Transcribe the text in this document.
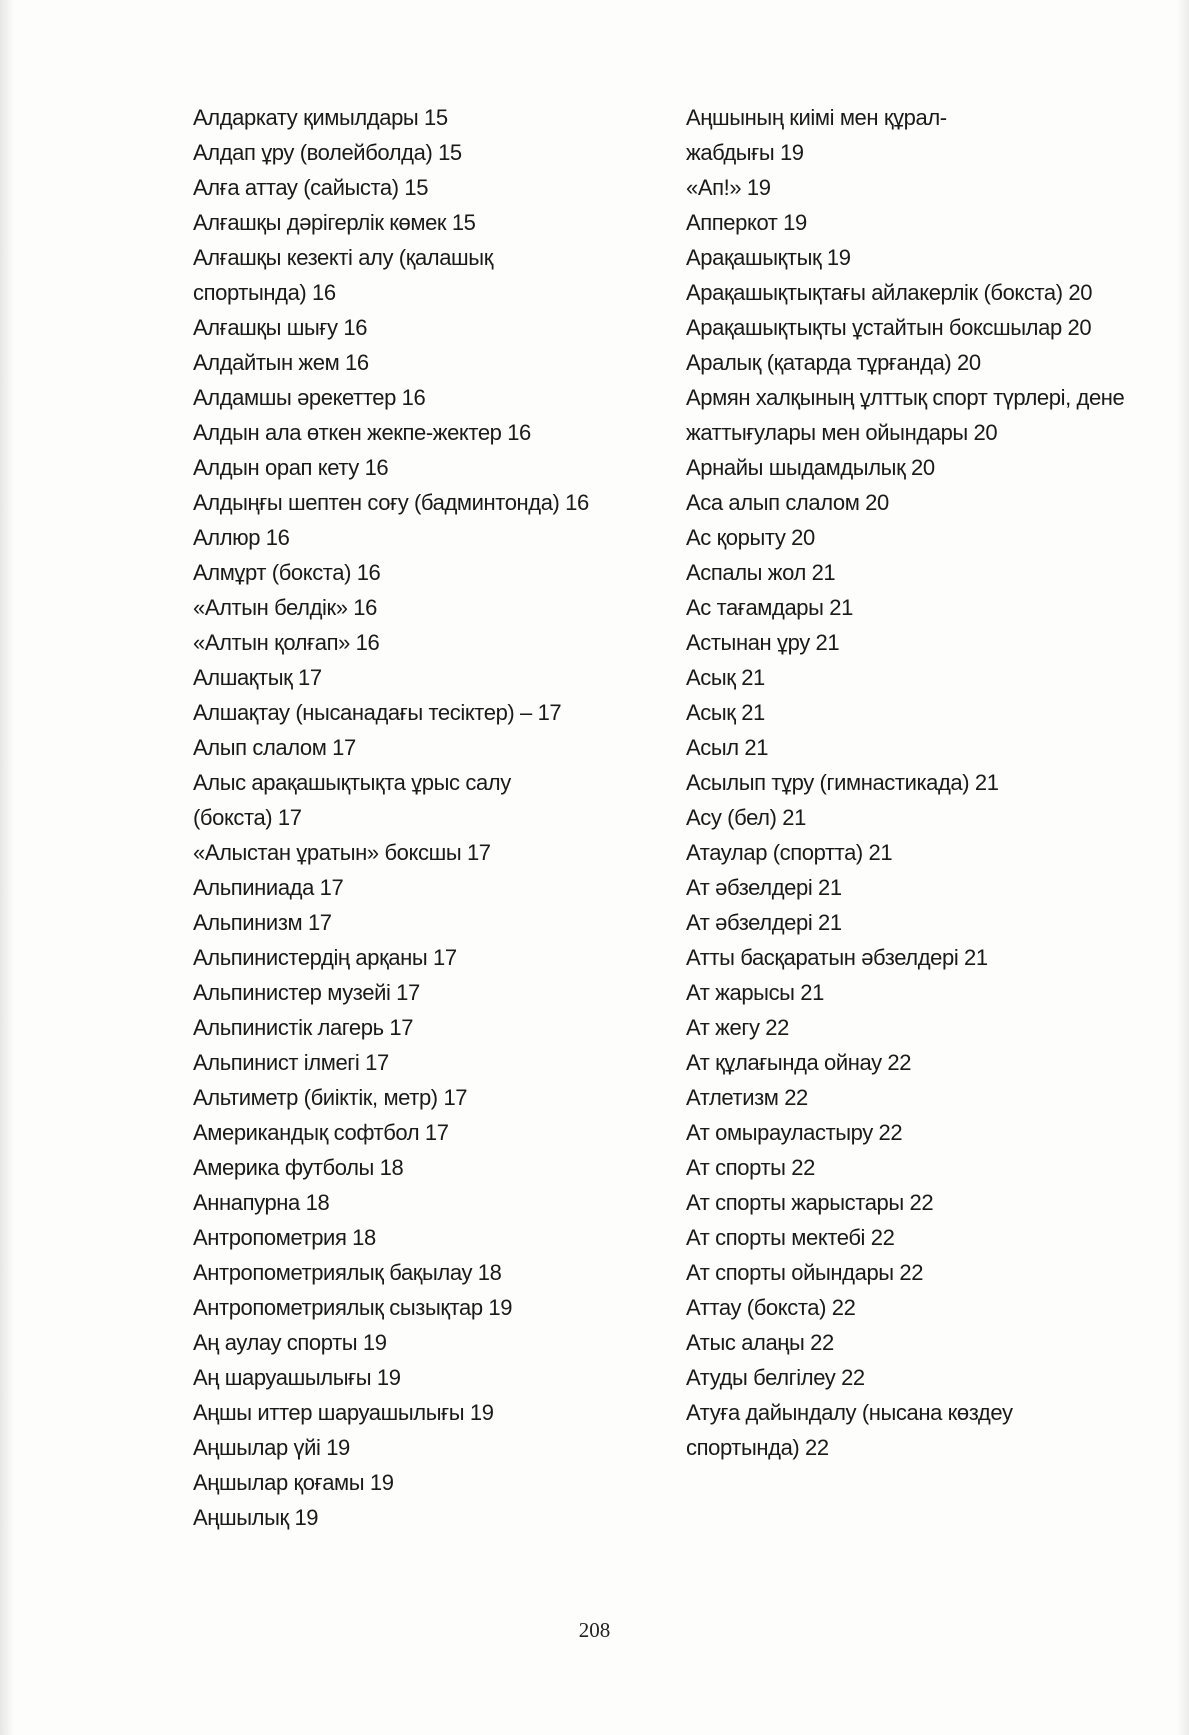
Алдаркату қимылдары 15
Алдап ұру (волейболда) 15
Алға аттау (сайыста) 15
Алғашқы дәрігерлік көмек 15
Алғашқы кезекті алу (қалашық спортында) 16
Алғашқы шығу 16
Алдайтын жем 16
Алдамшы әрекеттер 16
Алдын ала өткен жекпе-жектер 16
Алдын орап кету 16
Алдыңғы шептен соғу (бадминтонда) 16
Аллюр 16
Алмұрт (бокста) 16
«Алтын белдік» 16
«Алтын қолғап» 16
Алшақтық 17
Алшақтау (нысанадағы тесіктер) – 17
Алып слалом 17
Алыс арақашықтықта ұрыс салу (бокста) 17
«Алыстан ұратын» боксшы 17
Альпиниада 17
Альпинизм 17
Альпинистердің арқаны 17
Альпинистер музейі 17
Альпинистік лагерь 17
Альпинист ілмегі 17
Альтиметр (биіктік, метр) 17
Американдық софтбол 17
Америка футболы 18
Аннапурна 18
Антропометрия 18
Антропометриялық бақылау 18
Антропометриялық сызықтар 19
Аң аулау спорты 19
Аң шаруашылығы 19
Аңшы иттер шаруашылығы 19
Аңшылар үйі 19
Аңшылар қоғамы 19
Аңшылық 19
Аңшының киімі мен құрал-жабдығы 19
«Ап!» 19
Апперкот 19
Арақашықтық 19
Арақашықтықтағы айлакерлік (бокста) 20
Арақашықтықты ұстайтын боксшылар 20
Аралық (қатарда тұрғанда) 20
Армян халқының ұлттық спорт түрлері, дене жаттығулары мен ойындары 20
Арнайы шыдамдылық 20
Аса алып слалом 20
Ас қорыту 20
Аспалы жол 21
Ас тағамдары 21
Астынан ұру 21
Асық 21
Асық 21
Асыл 21
Асылып тұру (гимнастикада) 21
Асу (бел) 21
Атаулар (спортта) 21
Ат әбзелдері 21
Ат әбзелдері 21
Атты басқаратын әбзелдері 21
Ат жарысы 21
Ат жегу 22
Ат құлағында ойнау 22
Атлетизм 22
Ат омырауластыру 22
Ат спорты 22
Ат спорты жарыстары 22
Ат спорты мектебі 22
Ат спорты ойындары 22
Аттау (бокста) 22
Атыс алаңы 22
Атуды белгілеу 22
Атуға дайындалу (нысана көздеу спортында) 22
208
